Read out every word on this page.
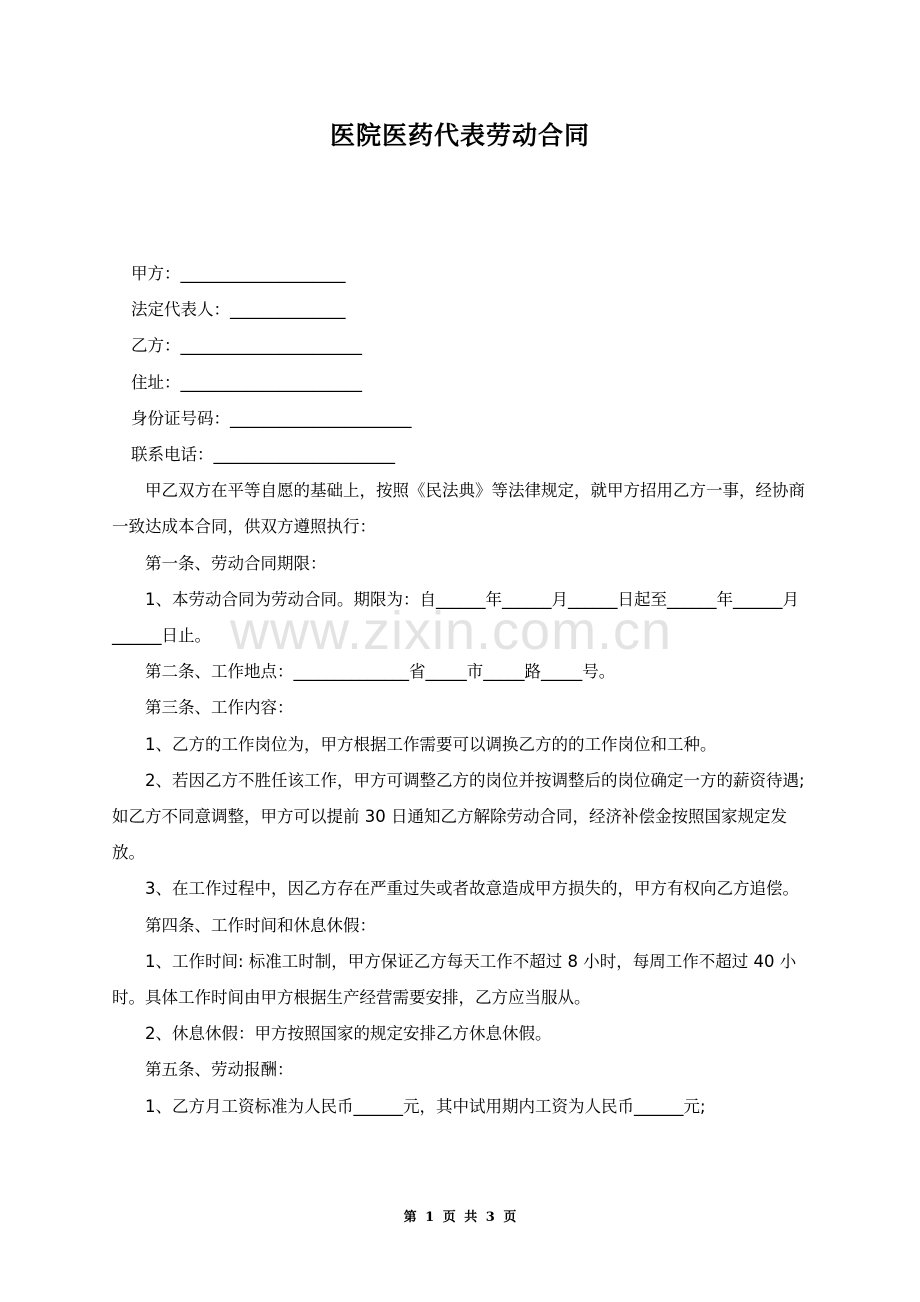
医院医药代表劳动合同
甲方：____________________
法定代表人：______________
乙方：______________________
住址：______________________
身份证号码：______________________
联系电话：______________________

甲乙双方在平等自愿的基础上，按照《民法典》等法律规定，就甲方招用乙方一事，经协商一致达成本合同，供双方遵照执行：

第一条、劳动合同期限：

1、本劳动合同为劳动合同。期限为：自______年______月______日起至______年______月______日止。

第二条、工作地点：______________省_____市_____路_____号。

第三条、工作内容：

1、乙方的工作岗位为，甲方根据工作需要可以调换乙方的的工作岗位和工种。

2、若因乙方不胜任该工作，甲方可调整乙方的岗位并按调整后的岗位确定一方的薪资待遇;如乙方不同意调整，甲方可以提前 30 日通知乙方解除劳动合同，经济补偿金按照国家规定发放。

3、在工作过程中，因乙方存在严重过失或者故意造成甲方损失的，甲方有权向乙方追偿。

第四条、工作时间和休息休假：

1、工作时间: 标准工时制，甲方保证乙方每天工作不超过 8 小时，每周工作不超过 40 小时。具体工作时间由甲方根据生产经营需要安排，乙方应当服从。

2、休息休假：甲方按照国家的规定安排乙方休息休假。

第五条、劳动报酬：

1、乙方月工资标准为人民币______元，其中试用期内工资为人民币______元;

www.zixin.com.cn
第 1 页 共 3 页
